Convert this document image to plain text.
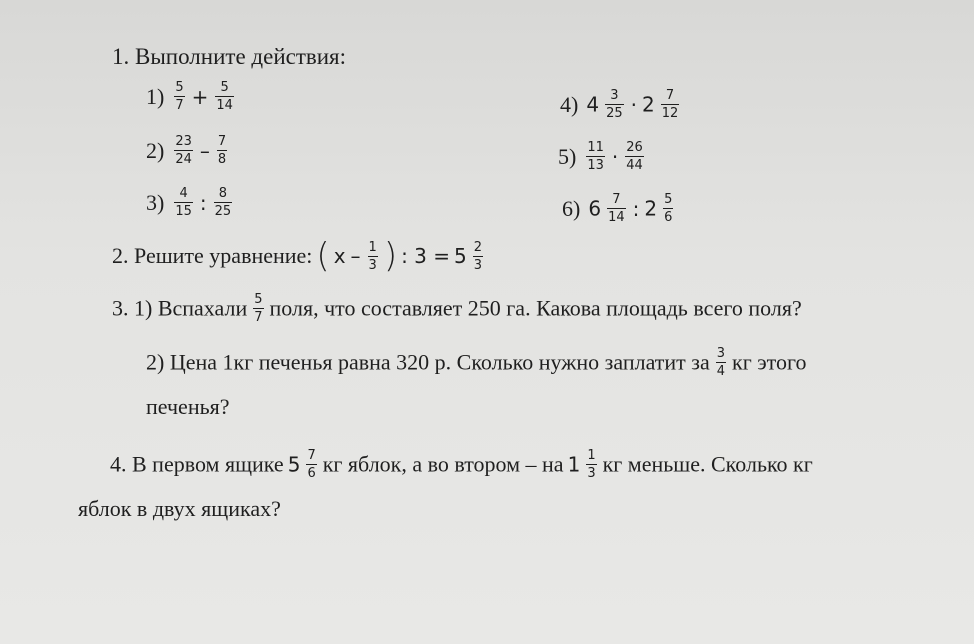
1. Выполните действия:
$1) \frac{5}{7} + \frac{5}{14}$
$2) \frac{23}{24} - \frac{7}{8}$
$3) \frac{4}{15}$ : $\frac{8}{25}$
4) $4 \frac{3}{25} \cdot 2 \frac{7}{12}$
$5) \frac{11}{13} \cdot \frac{26}{44}$
6) $6 \frac{7}{14}$ : $2 \frac{5}{6}$
2. Решите уравнение: ( x – $\frac{1}{3}$ ) : $3 = 5 \frac{2}{3}$
3. 1) Вспахали $\frac{5}{7}$ поля, что составляет 250 га. Какова площадь всего поля?
2) Цена 1кг печенья равна 320 р. Сколько нужно заплатит за $\frac{3}{4}$ кг этого
печенья?
4. В первом ящике $5 \frac{7}{6}$ кг яблок, а во втором – на $1 \frac{1}{3}$ кг меньше. Сколько кг
яблок в двух ящиках?
